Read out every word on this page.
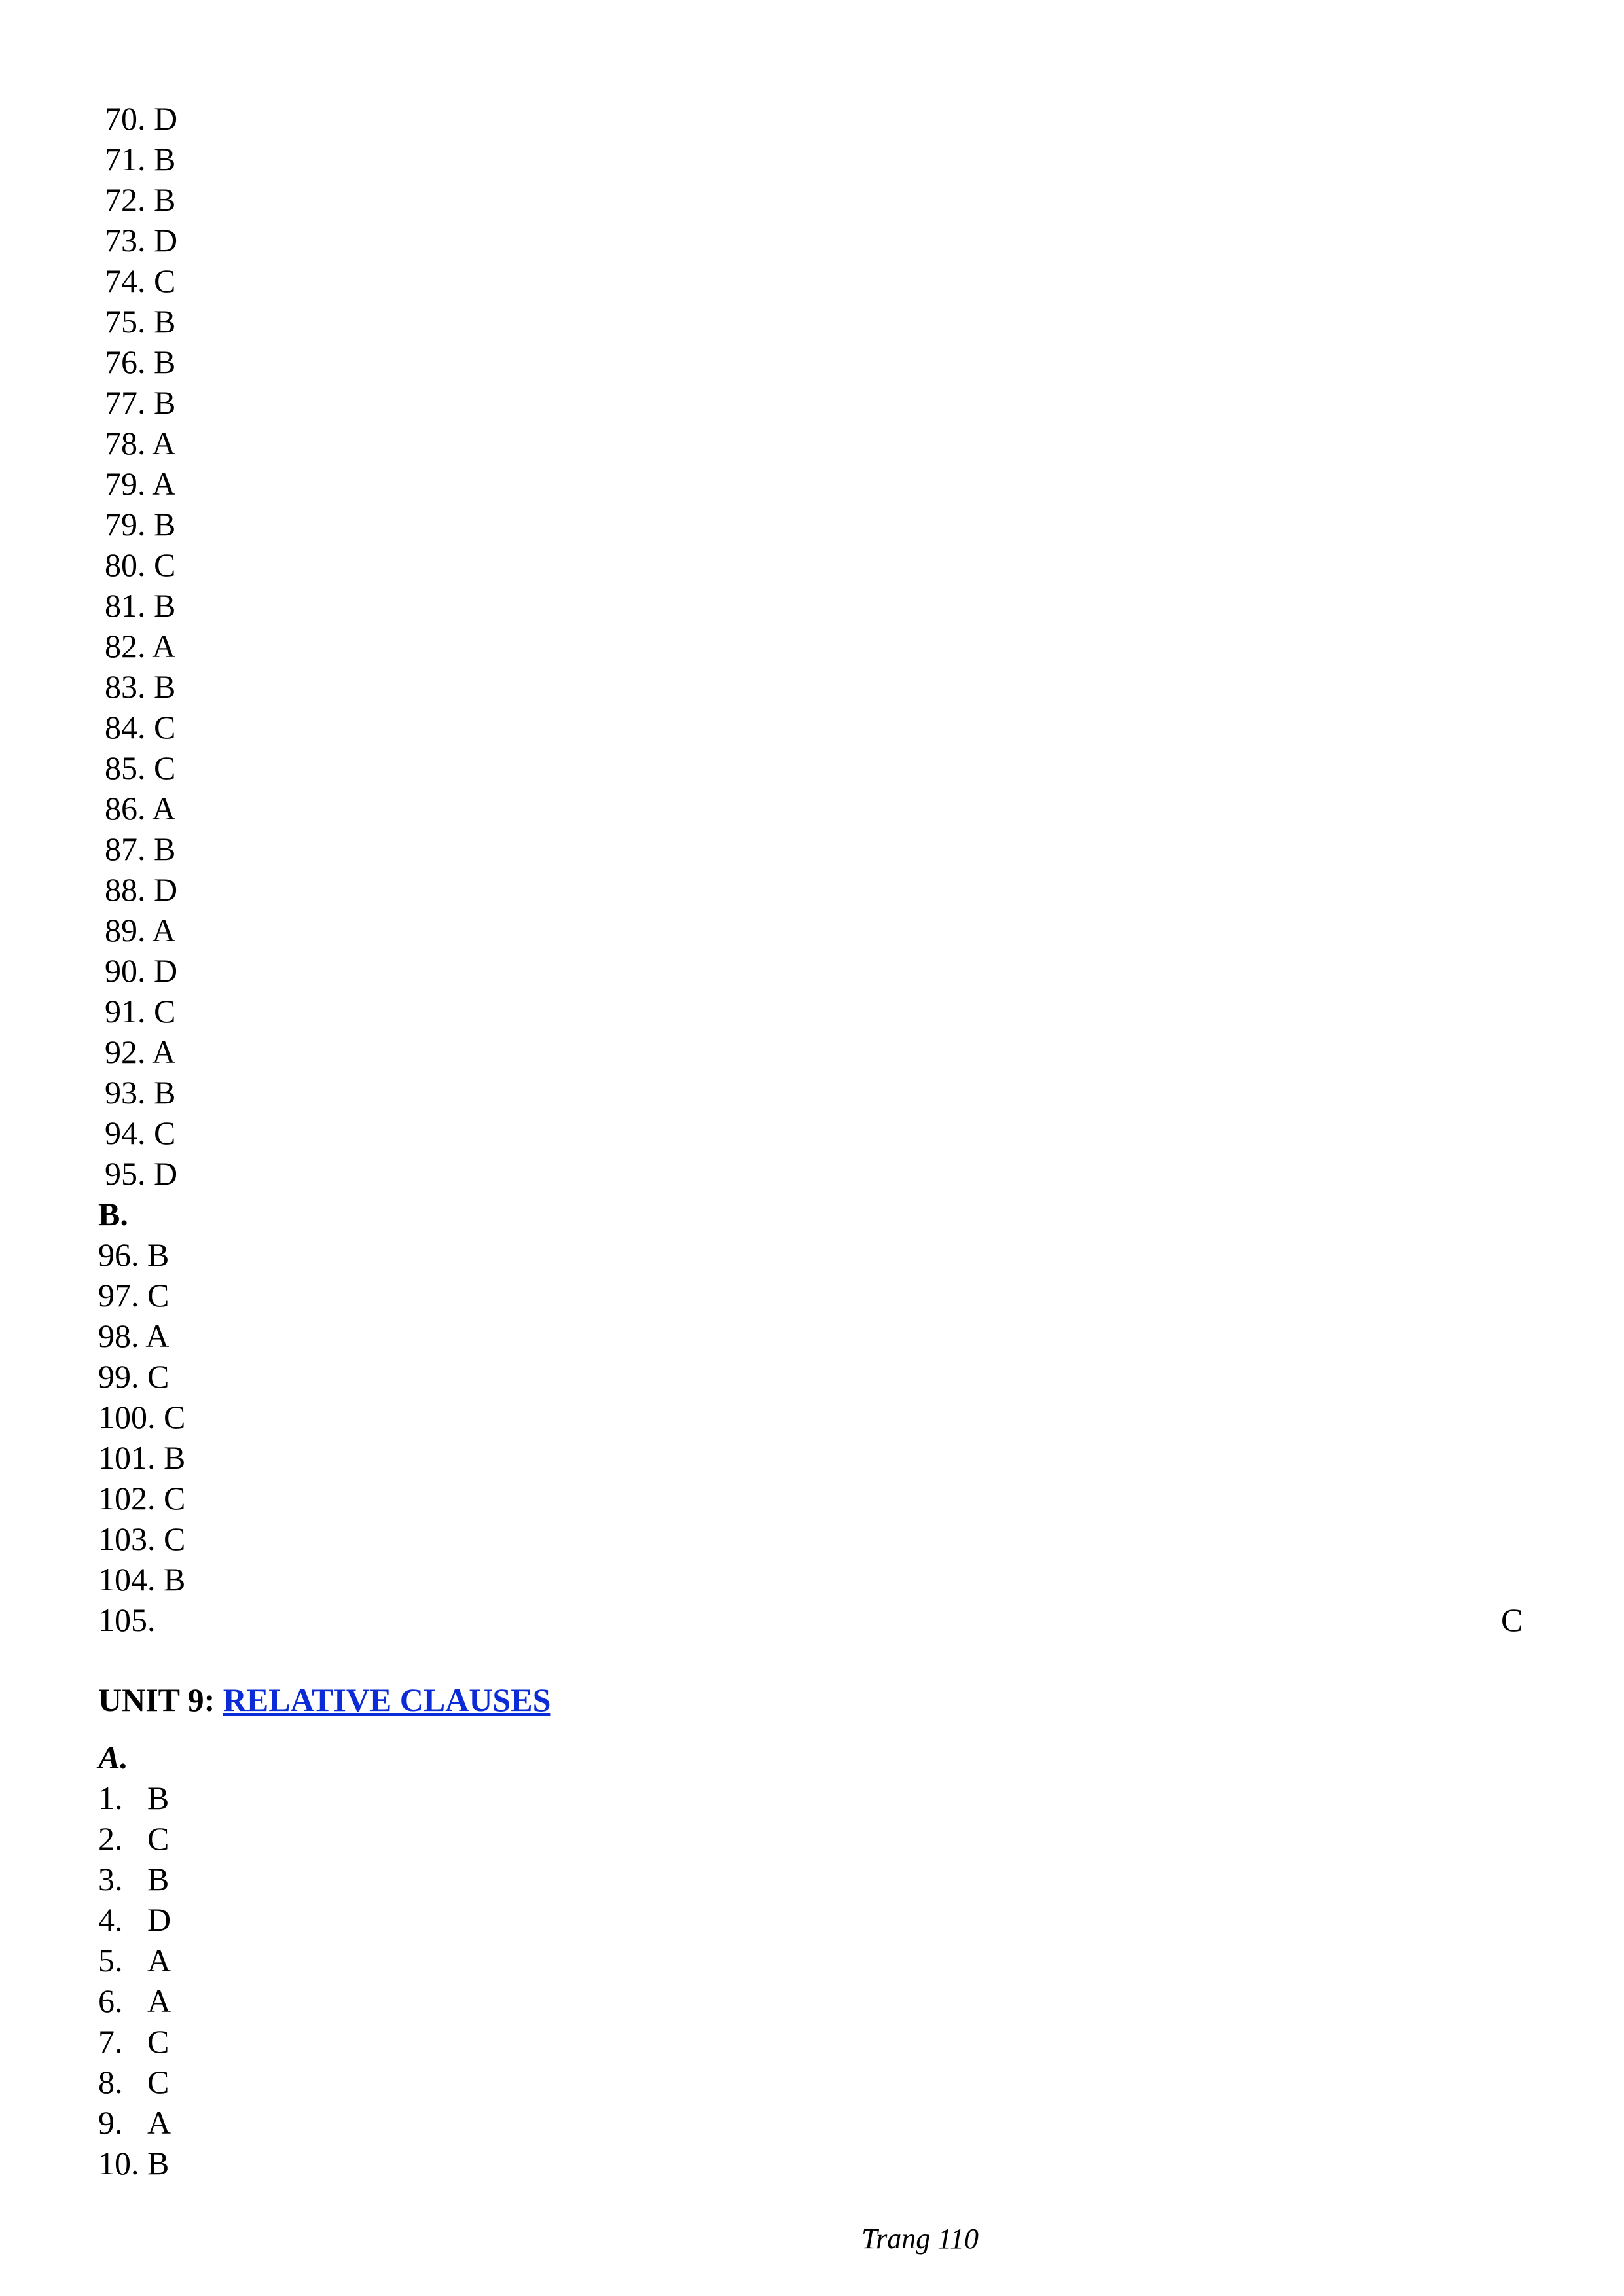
70. D
71. B
72. B
73. D
74. C
75. B
76. B
77. B
78. A
79. A
79. B
80. C
81. B
82. A
83. B
84. C
85. C
86. A
87. B
88. D
89. A
90. D
91. C
92. A
93. B
94. C
95. D
B.
96. B
97. C
98. A
99. C
100. C
101. B
102. C
103. C
104. B
105.	C
UNIT 9: RELATIVE CLAUSES
A.
1. B
2. C
3. B
4. D
5. A
6. A
7. C
8. C
9. A
10. B
Trang 110
